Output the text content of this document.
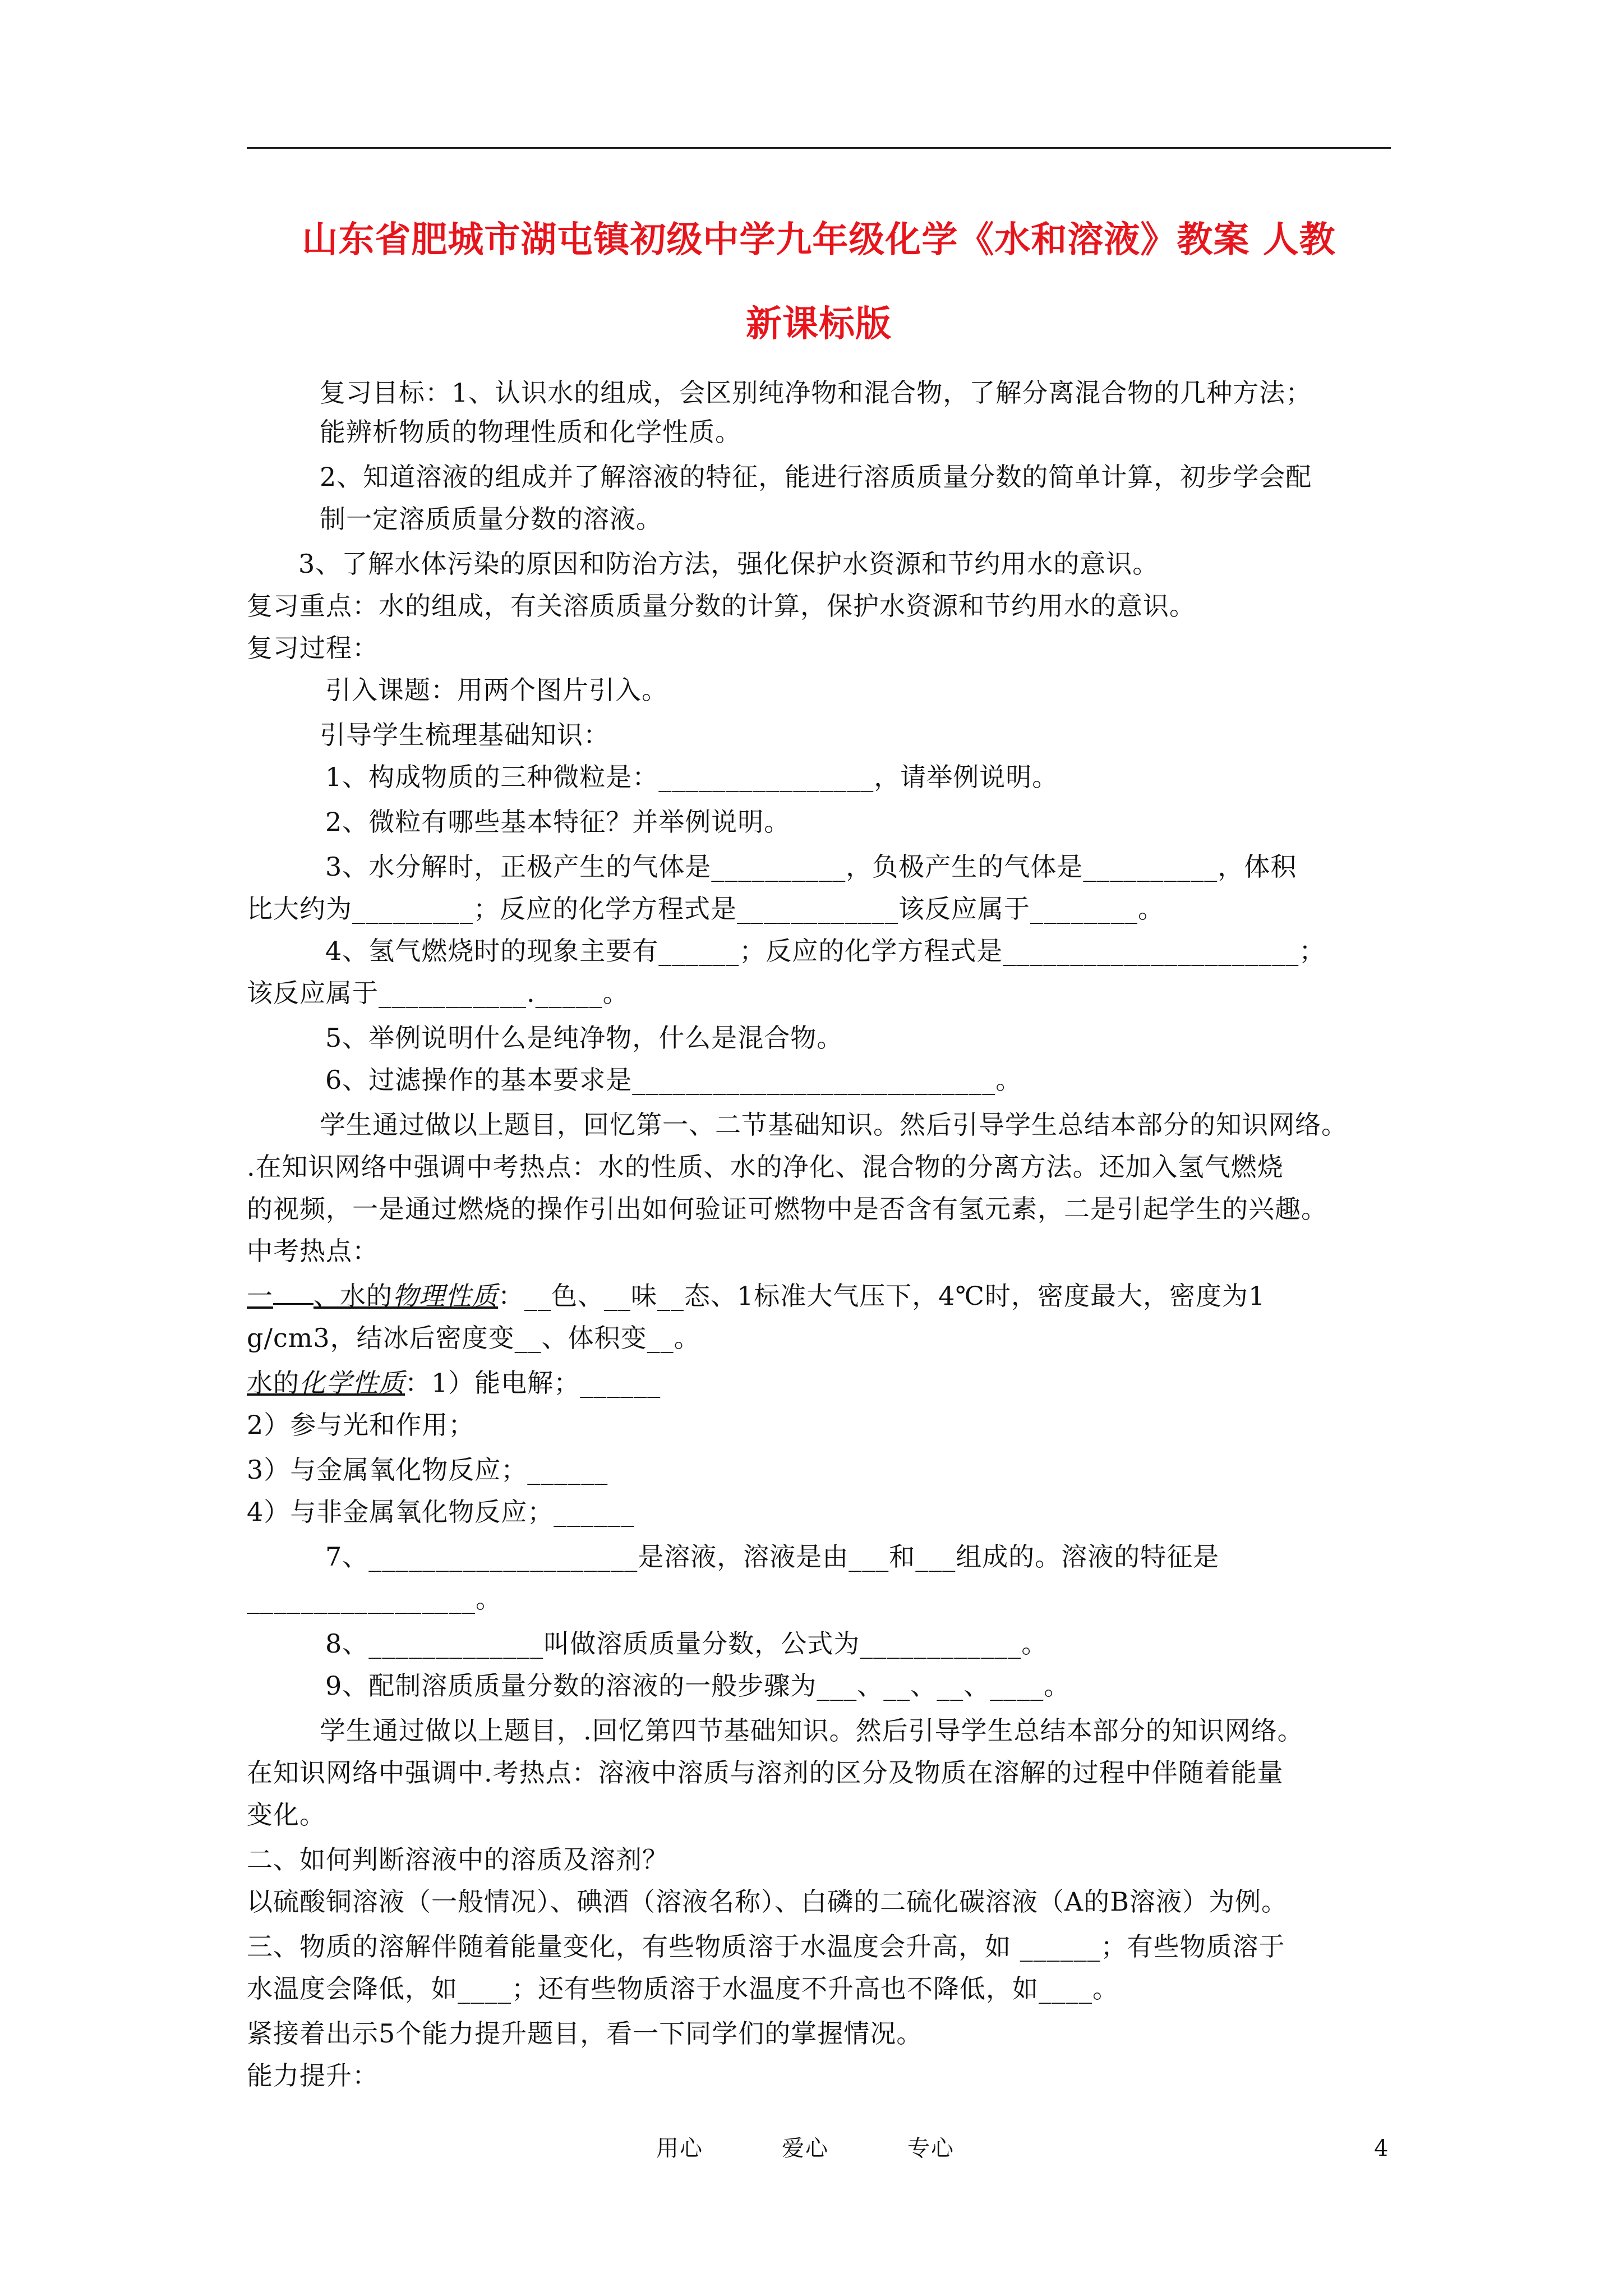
山东省肥城市湖屯镇初级中学九年级化学《水和溶液》教案 人教
新课标版
复习目标：1、认识水的组成，会区别纯净物和混合物，了解分离混合物的几种方法；
能辨析物质的物理性质和化学性质。
2、知道溶液的组成并了解溶液的特征，能进行溶质质量分数的简单计算，初步学会配
制一定溶质质量分数的溶液。
3、了解水体污染的原因和防治方法，强化保护水资源和节约用水的意识。
复习重点：水的组成，有关溶质质量分数的计算，保护水资源和节约用水的意识。
复习过程：
引入课题：用两个图片引入。
引导学生梳理基础知识：
1、构成物质的三种微粒是：________________，请举例说明。
2、微粒有哪些基本特征？并举例说明。
3、水分解时，正极产生的气体是__________，负极产生的气体是__________，体积
比大约为_________；反应的化学方程式是____________该反应属于________。
4、氢气燃烧时的现象主要有______；反应的化学方程式是______________________；
该反应属于___________._____。
5、举例说明什么是纯净物，什么是混合物。
6、过滤操作的基本要求是___________________________。
学生通过做以上题目，回忆第一、二节基础知识。然后引导学生总结本部分的知识网络。
.在知识网络中强调中考热点：水的性质、水的净化、混合物的分离方法。还加入氢气燃烧
的视频，一是通过燃烧的操作引出如何验证可燃物中是否含有氢元素，二是引起学生的兴趣。
中考热点：
一 、水的物理性质：__色、__味__态、1标准大气压下，4℃时，密度最大，密度为1
g/cm3，结冰后密度变__、体积变__。
水的化学性质：1）能电解；______
2）参与光和作用；
3）与金属氧化物反应；______
4）与非金属氧化物反应；______
7、____________________是溶液，溶液是由___和___组成的。溶液的特征是
_________________。
8、_____________叫做溶质质量分数，公式为____________。
9、配制溶质质量分数的溶液的一般步骤为___、__、__、____。
学生通过做以上题目，.回忆第四节基础知识。然后引导学生总结本部分的知识网络。
在知识网络中强调中.考热点：溶液中溶质与溶剂的区分及物质在溶解的过程中伴随着能量
变化。
二、如何判断溶液中的溶质及溶剂？
以硫酸铜溶液（一般情况）、碘酒（溶液名称）、白磷的二硫化碳溶液（A的B溶液）为例。
三、物质的溶解伴随着能量变化，有些物质溶于水温度会升高，如 ______；有些物质溶于
水温度会降低，如____；还有些物质溶于水温度不升高也不降低，如____。
紧接着出示5个能力提升题目，看一下同学们的掌握情况。
能力提升：
用心	爱心	专心	4
